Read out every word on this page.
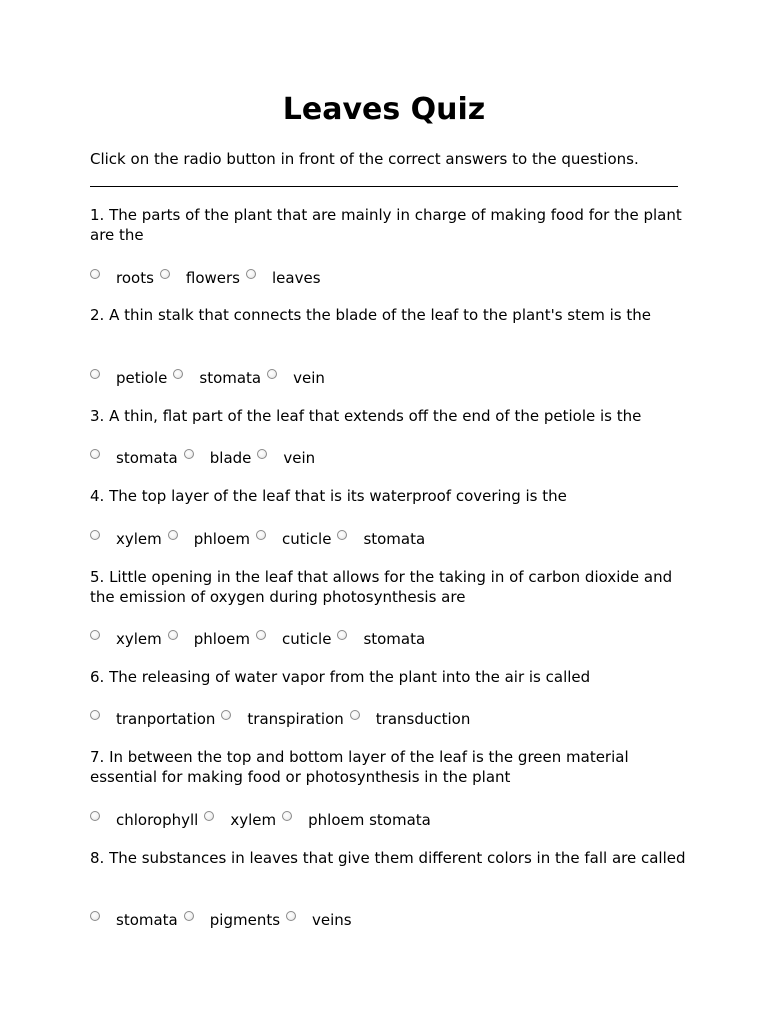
Leaves Quiz
Click on the radio button in front of the correct answers to the questions.
1. The parts of the plant that are mainly in charge of making food for the plant are the
roots flowers leaves
2. A thin stalk that connects the blade of the leaf to the plant's stem is the
petiole stomata vein
3. A thin, flat part of the leaf that extends off the end of the petiole is the
stomata blade vein
4. The top layer of the leaf that is its waterproof covering is the
xylem phloem cuticle stomata
5. Little opening in the leaf that allows for the taking in of carbon dioxide and the emission of oxygen during photosynthesis are
xylem phloem cuticle stomata
6. The releasing of water vapor from the plant into the air is called
tranportation transpiration transduction
7. In between the top and bottom layer of the leaf is the green material essential for making food or photosynthesis in the plant
chlorophyll xylem phloem stomata
8. The substances in leaves that give them different colors in the fall are called
stomata pigments veins
